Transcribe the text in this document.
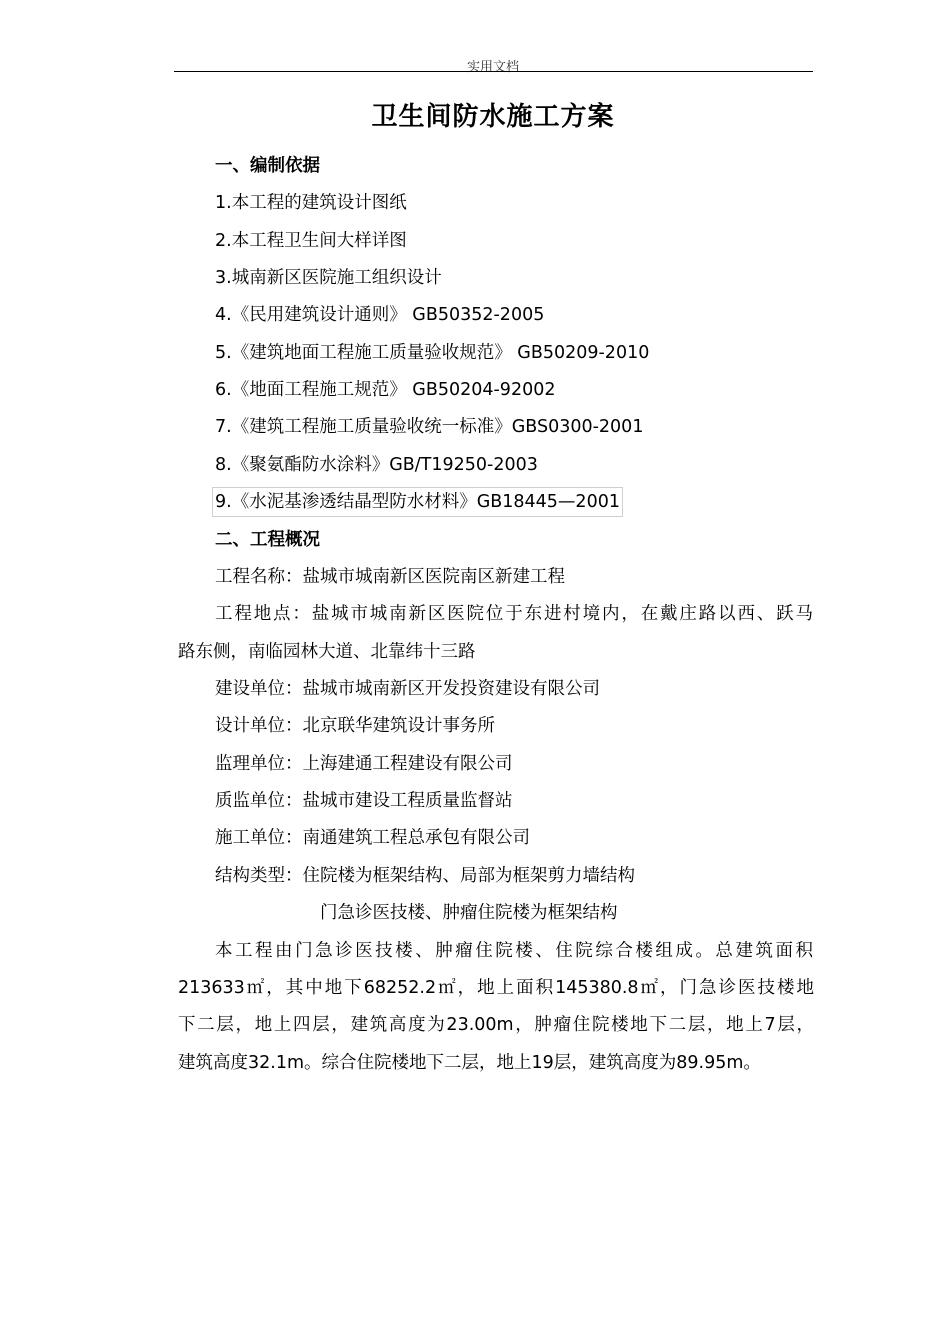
实用文档
卫生间防水施工方案
一、编制依据
1.本工程的建筑设计图纸
2.本工程卫生间大样详图
3.城南新区医院施工组织设计
4.《民用建筑设计通则》 GB50352-2005
5.《建筑地面工程施工质量验收规范》 GB50209-2010
6.《地面工程施工规范》 GB50204-92002
7.《建筑工程施工质量验收统一标准》GBS0300-2001
8.《聚氨酯防水涂料》GB/T19250-2003
9.《水泥基渗透结晶型防水材料》GB18445—2001
二、工程概况
工程名称：盐城市城南新区医院南区新建工程
工程地点：盐城市城南新区医院位于东进村境内，在戴庄路以西、跃马
路东侧，南临园林大道、北靠纬十三路
建设单位：盐城市城南新区开发投资建设有限公司
设计单位：北京联华建筑设计事务所
监理单位：上海建通工程建设有限公司
质监单位：盐城市建设工程质量监督站
施工单位：南通建筑工程总承包有限公司
结构类型：住院楼为框架结构、局部为框架剪力墙结构
门急诊医技楼、肿瘤住院楼为框架结构
本工程由门急诊医技楼、肿瘤住院楼、住院综合楼组成。总建筑面积
213633㎡，其中地下68252.2㎡，地上面积145380.8㎡，门急诊医技楼地
下二层，地上四层，建筑高度为23.00m，肿瘤住院楼地下二层，地上7层，
建筑高度32.1m。综合住院楼地下二层，地上19层，建筑高度为89.95m。
